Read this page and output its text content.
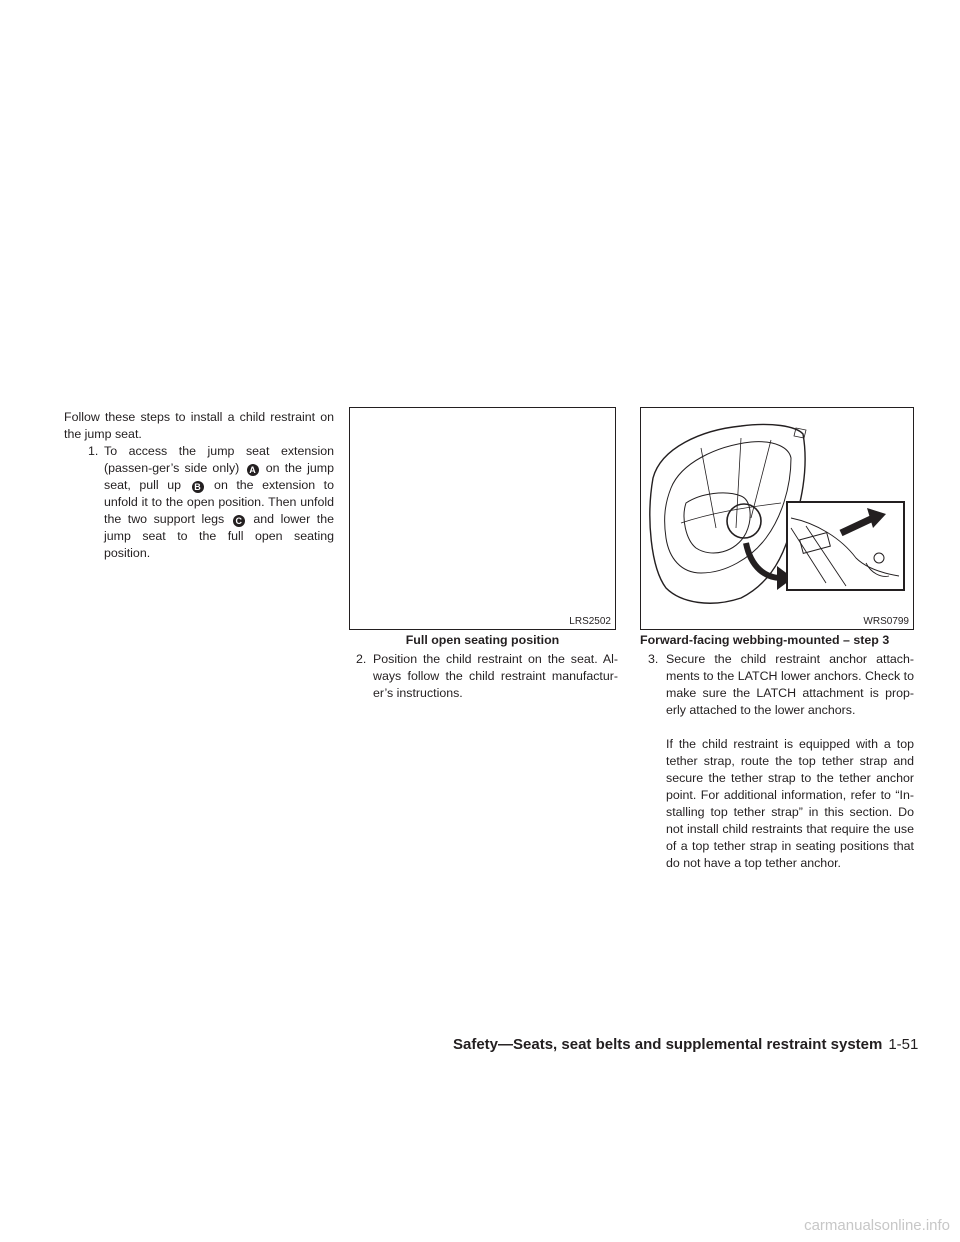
Follow these steps to install a child restraint on the jump seat.
1. To access the jump seat extension (passen-ger’s side only) A on the jump seat, pull up B on the extension to unfold it to the open position. Then unfold the two support legs C and lower the jump seat to the full open seating position.
LRS2502
Full open seating position
2. Position the child restraint on the seat. Al-ways follow the child restraint manufactur-er’s instructions.
WRS0799
Forward-facing webbing-mounted – step 3
3. Secure the child restraint anchor attach-ments to the LATCH lower anchors. Check to make sure the LATCH attachment is prop-erly attached to the lower anchors.
If the child restraint is equipped with a top tether strap, route the top tether strap and secure the tether strap to the tether anchor point. For additional information, refer to “In-stalling top tether strap” in this section. Do not install child restraints that require the use of a top tether strap in seating positions that do not have a top tether anchor.
Safety—Seats, seat belts and supplemental restraint system 1-51
carmanualsonline.info
